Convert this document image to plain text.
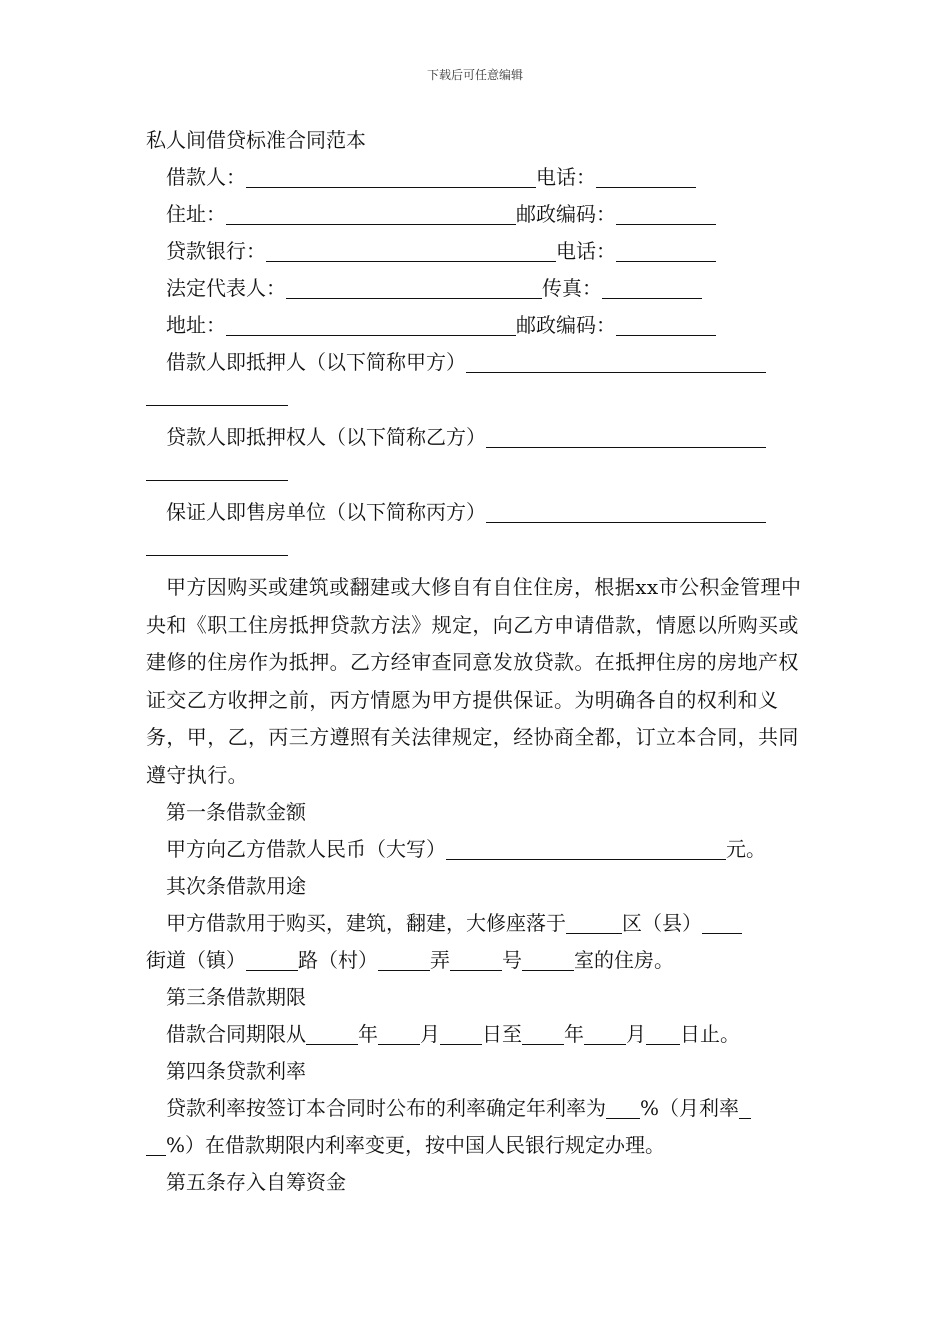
下载后可任意编辑
私人间借贷标准合同范本
借款人：	电话：
住址：	邮政编码：
贷款银行：	电话：
法定代表人：	传真：
地址：	邮政编码：
借款人即抵押人（以下简称甲方）
贷款人即抵押权人（以下简称乙方）
保证人即售房单位（以下简称丙方）
甲方因购买或建筑或翻建或大修自有自住住房，根据xx市公积金管理中央和《职工住房抵押贷款方法》规定，向乙方申请借款，情愿以所购买或建修的住房作为抵押。乙方经审查同意发放贷款。在抵押住房的房地产权证交乙方收押之前，丙方情愿为甲方提供保证。为明确各自的权利和义务，甲，乙，丙三方遵照有关法律规定，经协商全都，订立本合同，共同遵守执行。
第一条借款金额
甲方向乙方借款人民币（大写）	元。
其次条借款用途
甲方借款用于购买，建筑，翻建，大修座落于	区（县）
街道（镇）	路（村）	弄	号	室的住房。
第三条借款期限
借款合同期限从	年 月 日至 年 月 日止。
第四条贷款利率
贷款利率按签订本合同时公布的利率确定年利率为 %（月利率
%）在借款期限内利率变更，按中国人民银行规定办理。
第五条存入自筹资金
